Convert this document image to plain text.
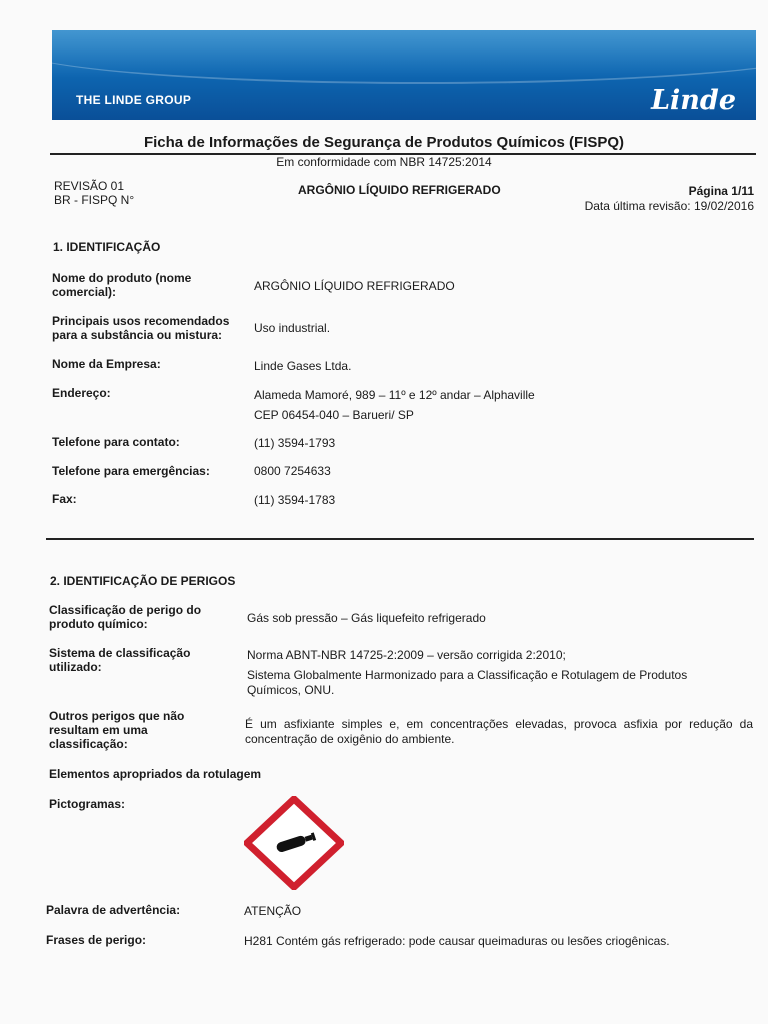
THE LINDE GROUP	Linde
Ficha de Informações de Segurança de Produtos Químicos (FISPQ)
Em conformidade com NBR 14725:2014
REVISÃO 01
BR - FISPQ N°
ARGÔNIO LÍQUIDO REFRIGERADO	Página 1/11
Data última revisão: 19/02/2016
1. IDENTIFICAÇÃO
Nome do produto (nome comercial):	ARGÔNIO LÍQUIDO REFRIGERADO
Principais usos recomendados para a substância ou mistura:	Uso industrial.
Nome da Empresa:	Linde Gases Ltda.
Endereço:	Alameda Mamoré, 989 – 11º e 12º andar – Alphaville
CEP 06454-040 – Barueri/ SP
Telefone para contato:	(11) 3594-1793
Telefone para emergências:	0800 7254633
Fax:	(11) 3594-1783
2. IDENTIFICAÇÃO DE PERIGOS
Classificação de perigo do produto químico:	Gás sob pressão – Gás liquefeito refrigerado
Sistema de classificação utilizado:
Norma ABNT-NBR 14725-2:2009 – versão corrigida 2:2010;
Sistema Globalmente Harmonizado para a Classificação e Rotulagem de Produtos Químicos, ONU.
Outros perigos que não resultam em uma classificação:
É um asfixiante simples e, em concentrações elevadas, provoca asfixia por redução da concentração de oxigênio do ambiente.
Elementos apropriados da rotulagem
Pictogramas:
Palavra de advertência:	ATENÇÃO
Frases de perigo:	H281 Contém gás refrigerado: pode causar queimaduras ou lesões criogênicas.
